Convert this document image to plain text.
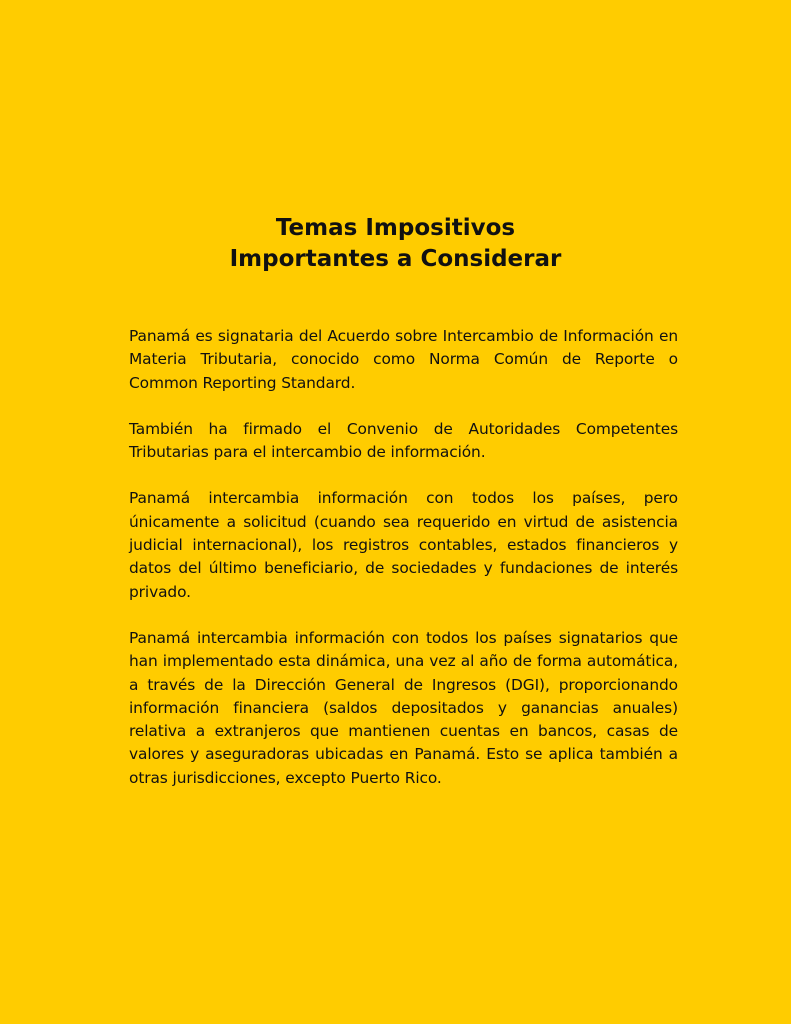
Temas Impositivos
Importantes a Considerar

Panamá es signataria del Acuerdo sobre Intercambio de Información en Materia Tributaria, conocido como Norma Común de Reporte o Common Reporting Standard.

También ha firmado el Convenio de Autoridades Competentes Tributarias para el intercambio de información.

Panamá intercambia información con todos los países, pero únicamente a solicitud (cuando sea requerido en virtud de asistencia judicial internacional), los registros contables, estados financieros y datos del último beneficiario, de sociedades y fundaciones de interés privado.

Panamá intercambia información con todos los países signatarios que han implementado esta dinámica, una vez al año de forma automática, a través de la Dirección General de Ingresos (DGI), proporcionando información financiera (saldos depositados y ganancias anuales) relativa a extranjeros que mantienen cuentas en bancos, casas de valores y aseguradoras ubicadas en Panamá. Esto se aplica también a otras jurisdicciones, excepto Puerto Rico.
